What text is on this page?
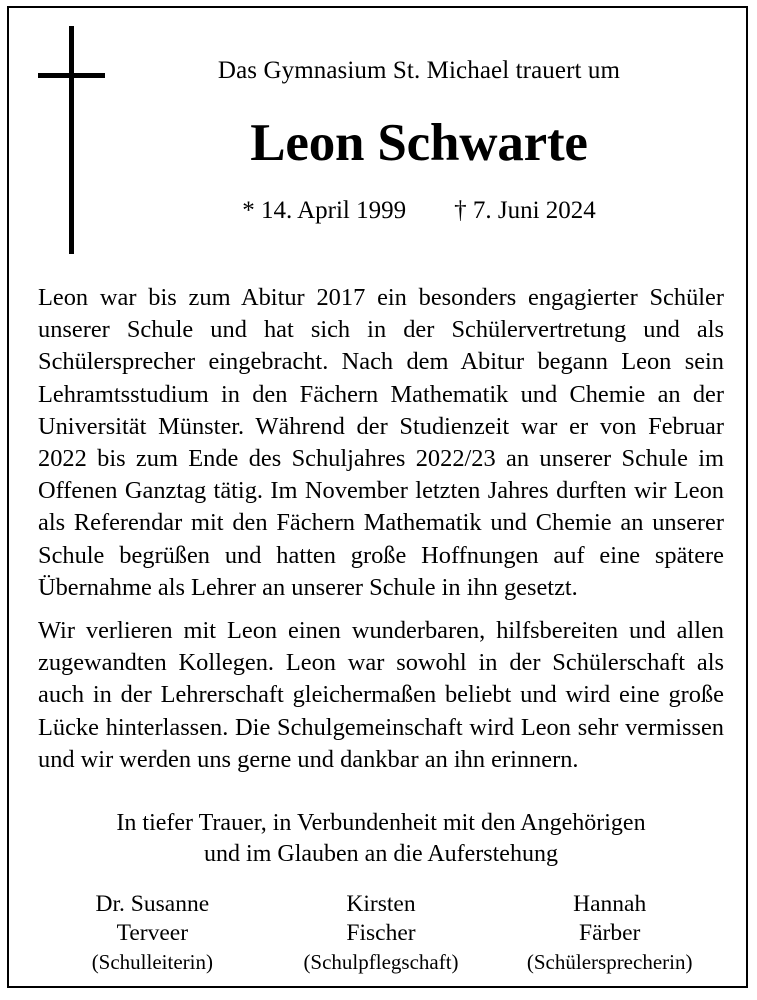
Das Gymnasium St. Michael trauert um
Leon Schwarte
* 14. April 1999 † 7. Juni 2024

Leon war bis zum Abitur 2017 ein besonders engagierter Schüler unserer Schule und hat sich in der Schülervertretung und als Schülersprecher eingebracht. Nach dem Abitur begann Leon sein Lehramtsstudium in den Fächern Mathematik und Chemie an der Universität Münster. Während der Studienzeit war er von Februar 2022 bis zum Ende des Schuljahres 2022/23 an unserer Schule im Offenen Ganztag tätig. Im November letzten Jahres durften wir Leon als Referendar mit den Fächern Mathematik und Chemie an unserer Schule begrüßen und hatten große Hoffnungen auf eine spätere Übernahme als Lehrer an unserer Schule in ihn gesetzt.

Wir verlieren mit Leon einen wunderbaren, hilfsbereiten und allen zugewandten Kollegen. Leon war sowohl in der Schülerschaft als auch in der Lehrerschaft gleichermaßen beliebt und wird eine große Lücke hinterlassen. Die Schulgemeinschaft wird Leon sehr vermissen und wir werden uns gerne und dankbar an ihn erinnern.

In tiefer Trauer, in Verbundenheit mit den Angehörigen
und im Glauben an die Auferstehung
Dr. Susanne
Terveer
(Schulleiterin)
Kirsten
Fischer
(Schulpflegschaft)
Hannah
Färber
(Schülersprecherin)
